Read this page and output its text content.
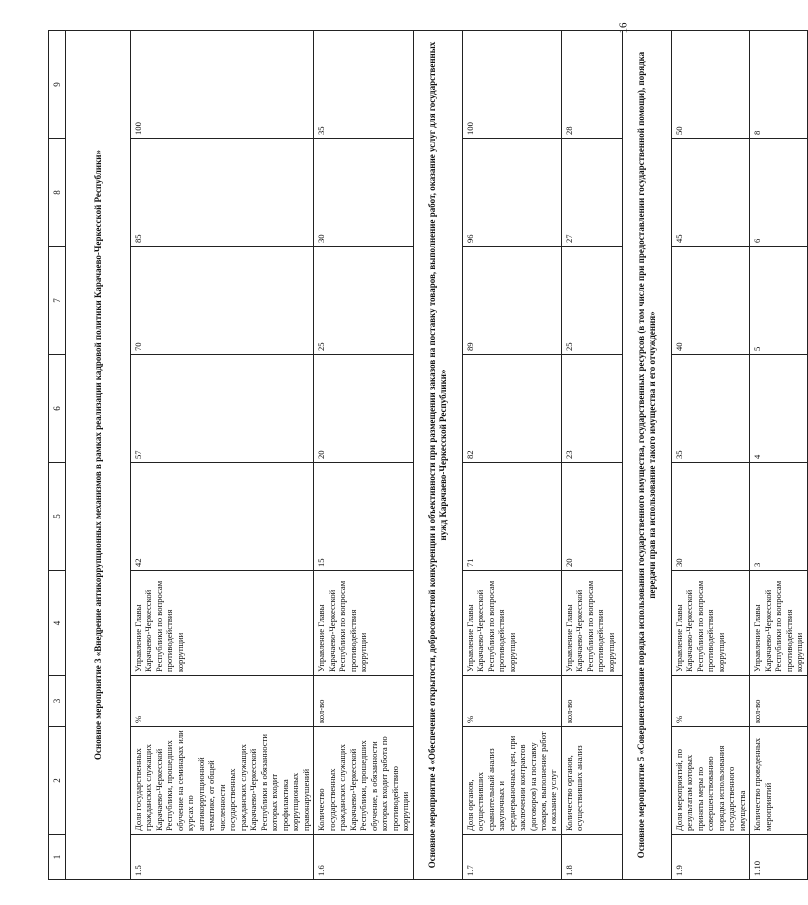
16
1	2	3	4	5	6	7	8	9
Основное мероприятие 3 «Внедрение антикоррупционных механизмов в рамках реализации кадровой политики Карачаево-Черкесской Республики»								
1.5	Доля государственных гражданских служащих Карачаево-Черкесской Республики, прошедших обучение на семинарах или курсах по антикоррупционной тематике, от общей численности государственных гражданских служащих Карачаево-Черкесской Республики в обязанности которых входит профилактика коррупционных правонарушений	%	Управление Главы Карачаево-Черкесской Республики по вопросам противодействия коррупции	42	57	70	85	100
1.6	Количество государственных гражданских служащих Карачаево-Черкесской Республики, прошедших обучение, в обязанности которых входит работа по противодействию коррупции	кол-во	Управление Главы Карачаево-Черкесской Республики по вопросам противодействия коррупции	15	20	25	30	35
Основное мероприятие 4 «Обеспечение открытости, добросовестной конкуренции и объективности при размещении заказов на поставку товаров, выполнение работ, оказание услуг для государственных нужд Карачаево-Черкесской Республики»								
1.7	Доля органов, осуществивших сравнительный анализ закупочных и среднерыночных цен, при заключении контрактов (договоров) на поставку товаров, выполнение работ и оказание услуг	%	Управление Главы Карачаево-Черкесской Республики по вопросам противодействия коррупции	71	82	89	96	100
1.8	Количество органов, осуществивших анализ	кол-во	Управление Главы Карачаево-Черкесской Республики по вопросам противодействия коррупции	20	23	25	27	28
Основное мероприятие 5 «Совершенствование порядка использования государственного имущества, государственных ресурсов (в том числе при предоставлении государственной помощи), порядка передачи прав на использование такого имущества и его отчуждения»								
1.9	Доля мероприятий, по результатам которых приняты меры по совершенствованию порядка использования государственного имущества	%	Управление Главы Карачаево-Черкесской Республики по вопросам противодействия коррупции	30	35	40	45	50
1.10	Количество проведенных мероприятий	кол-во	Управление Главы Карачаево-Черкесской Республики по вопросам противодействия коррупции	3	4	5	6	8
